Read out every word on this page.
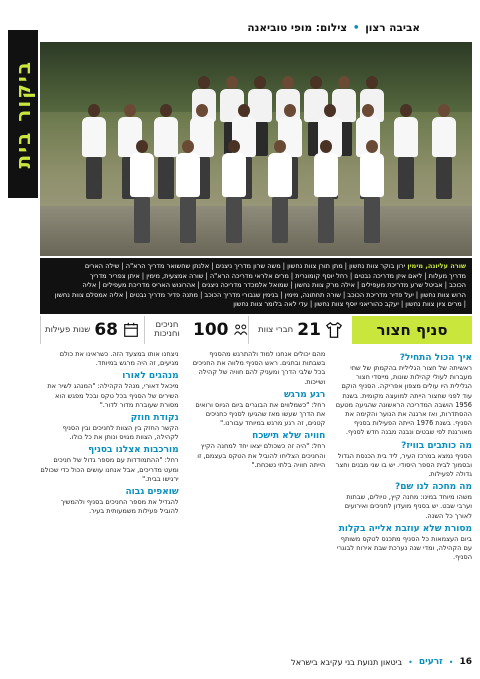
אביבה רצון • צילום: מופי טוביאנה
ביקור בית
שורה עליונה, מימין ירון בוקר צוות נחשון | מתן תורן צוות נחשון | משה שרון מדריך ניצנים | אלנתן שחשואר מדריך הרא"ה | שילה הארים
מדריך מעלות | ליאם איזן מדריכה נבטים | רחל יוסף קומונרית | מרים אלראי מדריכה הרא"ה | שורה אמצעית, מימין | איתן צפריר מדריך
הכוכב | אביטל שרע מדריכת מעפילים | אילה מרק צוות נחשון | שמואל אלמכדר מדריכה ניצנים | אהרונוש האריס מדריכת מעפילים | אליה
הרוש צוות נחשון | יעל פדיר מדריכת הכוכב | שורה תחתונה, מימין | בנימין שגבורי מדריך הכוכב | מתנה פדיר מדריך נבטים | אליה אמסלם צוות נחשון
| מרים ציון צוות נחשון | יעקב כהוריאני יוסף צוות נחשון | עדי לאה בלומר צוות נחשון
סניף חצור
21
חברי צוות
100
חניכים וחניכות
68
שנות פעילות
איך הכול התחיל?

ראשיתה של חצור הגלילית בהקמתן של שתי מעברות לעולי קהילות שונות, מייסדי חצור הגלילית היו עולים מצפון אפריקה. הסניף הוקם עוד לפני שחצור הייתה למועצה מקומית. בשנת 1956 הושבה המדריכה הראשונה שהגיעה מטעם ההסתדרות, ואז ארגנה את הנוער והקימה את הסניף. בשנת 1976 הייתה הפעילות בסניף מאורגנת לפי שבטים ונבנה מבנה חדש לסניף.

מה כותבים בוויז?

הסניף נמצא במרכז העיר, ליד בית הכנסת הגדול ובסמוך לבית הספר היסודי. יש בו שני מבנים וחצר גדולה לפעילות.

מה מחכה לנו שם?

משהו מיוחד במינו: מחנה קיץ, טיולים, שבתות וערבי שבט. יש בסניף מועדון לחניכים ואירועים לאורך כל השנה.

מסורת שלא עוזבת אלייה בקלות

ביום העצמאות כל הסניף מתכנס לטקס משותף עם הקהילה, ומדי שנה נערכת שבת אירוח לבוגרי הסניף.

מהם יכולים אנחנו למוד ולהתרגש מהסניף בשבתות ובחגים. ראש הסניף מלווה את החניכים בכל שלבי הדרך ומעניק להם חוויה של קהילה ושייכות.

רגע מרגש

רחל: "כשמלווים את הבוגרים ביום הגיוס ורואים את הדרך שעשו מאז שהגיעו לסניף כחניכים קטנים, זה רגע מרגש במיוחד עבורנו."

חוויה שלא תישכח

רחל: "היה זה כשכולם יצאו יחד למחנה הקיץ והחניכים הצליחו להוביל את הטקס בעצמם, זו הייתה חוויה בלתי נשכחת."

ניצחנו אותו במצעד הזה. כשראינו את כולם מגיעים, זה היה מרגש במיוחד.

מנהגים לאורו

מיכאל דאורי, מנהל הקהילה: "המנהג לשיר את השירים של הסניף בכל טקס ובכל מפגש הוא מסורת שעוברת מדור לדור."

נקודת חוזק

הקשר החזק בין הצוות לחניכים ובין הסניף לקהילה, הצוות מגויס ונותן את כל כולו.

מורכבות אצלנו בסניף

רחל: "ההתמודדות עם מספר גדול של חניכים ומעט מדריכים, אבל אנחנו עושים הכול כדי שכולם ירגישו בבית."

שואפים גבוה

להגדיל את מספר החניכים בסניף ולהמשיך להוביל פעילות משמעותית בעיר.

16
•
זרעים
•
ביטאון תנועת בני עקיבא בישראל
